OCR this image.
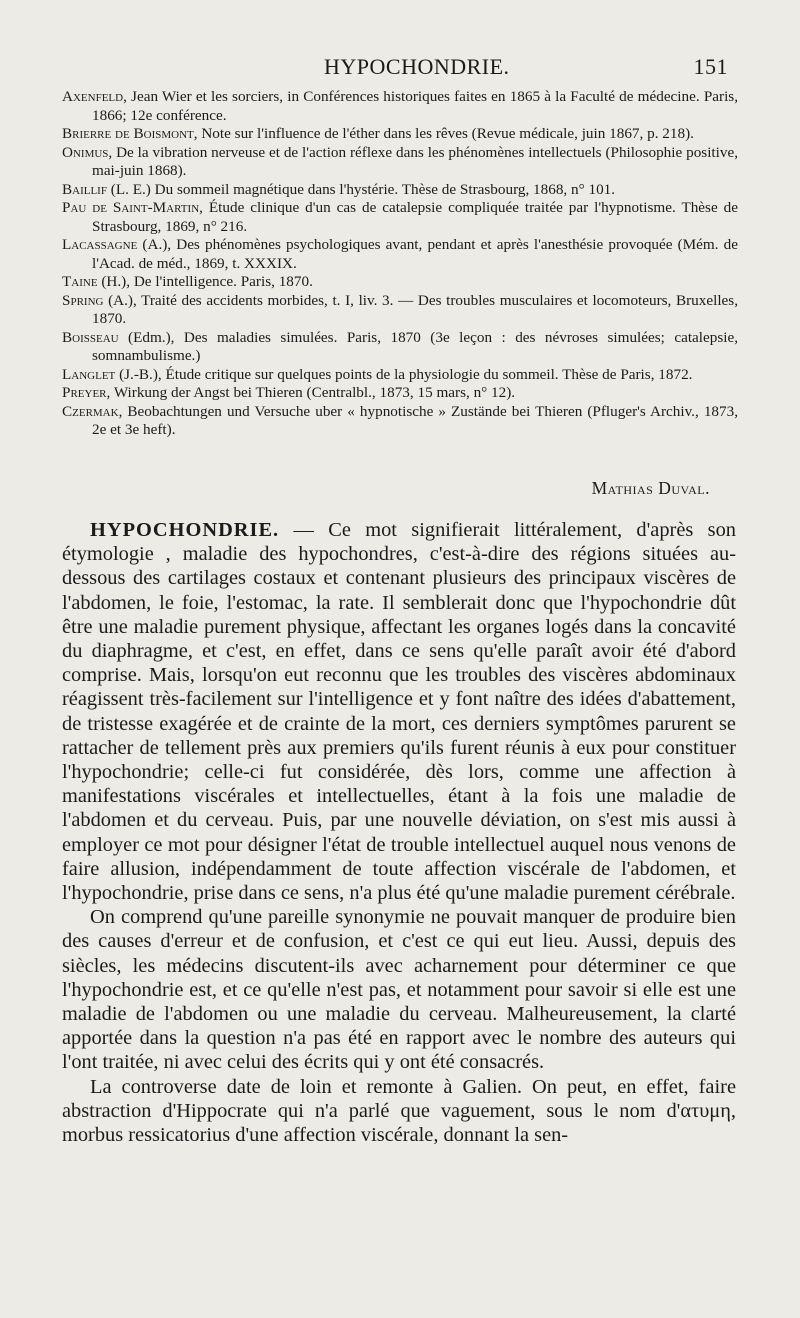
HYPOCHONDRIE.	151

Axenfeld, Jean Wier et les sorciers, in Conférences historiques faites en 1865 à la Faculté de médecine. Paris, 1866; 12e conférence.

Brierre de Boismont, Note sur l'influence de l'éther dans les rêves (Revue médicale, juin 1867, p. 218).

Onimus, De la vibration nerveuse et de l'action réflexe dans les phénomènes intellectuels (Philosophie positive, mai-juin 1868).

Baillif (L. E.) Du sommeil magnétique dans l'hystérie. Thèse de Strasbourg, 1868, n° 101.

Pau de Saint-Martin, Étude clinique d'un cas de catalepsie compliquée traitée par l'hypnotisme. Thèse de Strasbourg, 1869, n° 216.

Lacassagne (A.), Des phénomènes psychologiques avant, pendant et après l'anesthésie provoquée (Mém. de l'Acad. de méd., 1869, t. XXXIX.

Taine (H.), De l'intelligence. Paris, 1870.

Spring (A.), Traité des accidents morbides, t. I, liv. 3. — Des troubles musculaires et locomoteurs, Bruxelles, 1870.

Boisseau (Edm.), Des maladies simulées. Paris, 1870 (3e leçon : des névroses simulées; catalepsie, somnambulisme.)

Langlet (J.-B.), Étude critique sur quelques points de la physiologie du sommeil. Thèse de Paris, 1872.

Preyer, Wirkung der Angst bei Thieren (Centralbl., 1873, 15 mars, n° 12).

Czermak, Beobachtungen und Versuche uber « hypnotische » Zustände bei Thieren (Pfluger's Archiv., 1873, 2e et 3e heft).

Mathias Duval.

HYPOCHONDRIE. — Ce mot signifierait littéralement, d'après son étymologie , maladie des hypochondres, c'est-à-dire des régions situées au-dessous des cartilages costaux et contenant plusieurs des principaux viscères de l'abdomen, le foie, l'estomac, la rate. Il semblerait donc que l'hypochondrie dût être une maladie purement physique, affectant les organes logés dans la concavité du diaphragme, et c'est, en effet, dans ce sens qu'elle paraît avoir été d'abord comprise. Mais, lorsqu'on eut reconnu que les troubles des viscères abdominaux réagissent très-facilement sur l'intelligence et y font naître des idées d'abattement, de tristesse exagérée et de crainte de la mort, ces derniers symptômes parurent se rattacher de tellement près aux premiers qu'ils furent réunis à eux pour constituer l'hypochondrie; celle-ci fut considérée, dès lors, comme une affection à manifestations viscérales et intellectuelles, étant à la fois une maladie de l'abdomen et du cerveau. Puis, par une nouvelle déviation, on s'est mis aussi à employer ce mot pour désigner l'état de trouble intellectuel auquel nous venons de faire allusion, indépendamment de toute affection viscérale de l'abdomen, et l'hypochondrie, prise dans ce sens, n'a plus été qu'une maladie purement cérébrale.

On comprend qu'une pareille synonymie ne pouvait manquer de produire bien des causes d'erreur et de confusion, et c'est ce qui eut lieu. Aussi, depuis des siècles, les médecins discutent-ils avec acharnement pour déterminer ce que l'hypochondrie est, et ce qu'elle n'est pas, et notamment pour savoir si elle est une maladie de l'abdomen ou une maladie du cerveau. Malheureusement, la clarté apportée dans la question n'a pas été en rapport avec le nombre des auteurs qui l'ont traitée, ni avec celui des écrits qui y ont été consacrés.

La controverse date de loin et remonte à Galien. On peut, en effet, faire abstraction d'Hippocrate qui n'a parlé que vaguement, sous le nom d'ατυμη, morbus ressicatorius d'une affection viscérale, donnant la sen-
